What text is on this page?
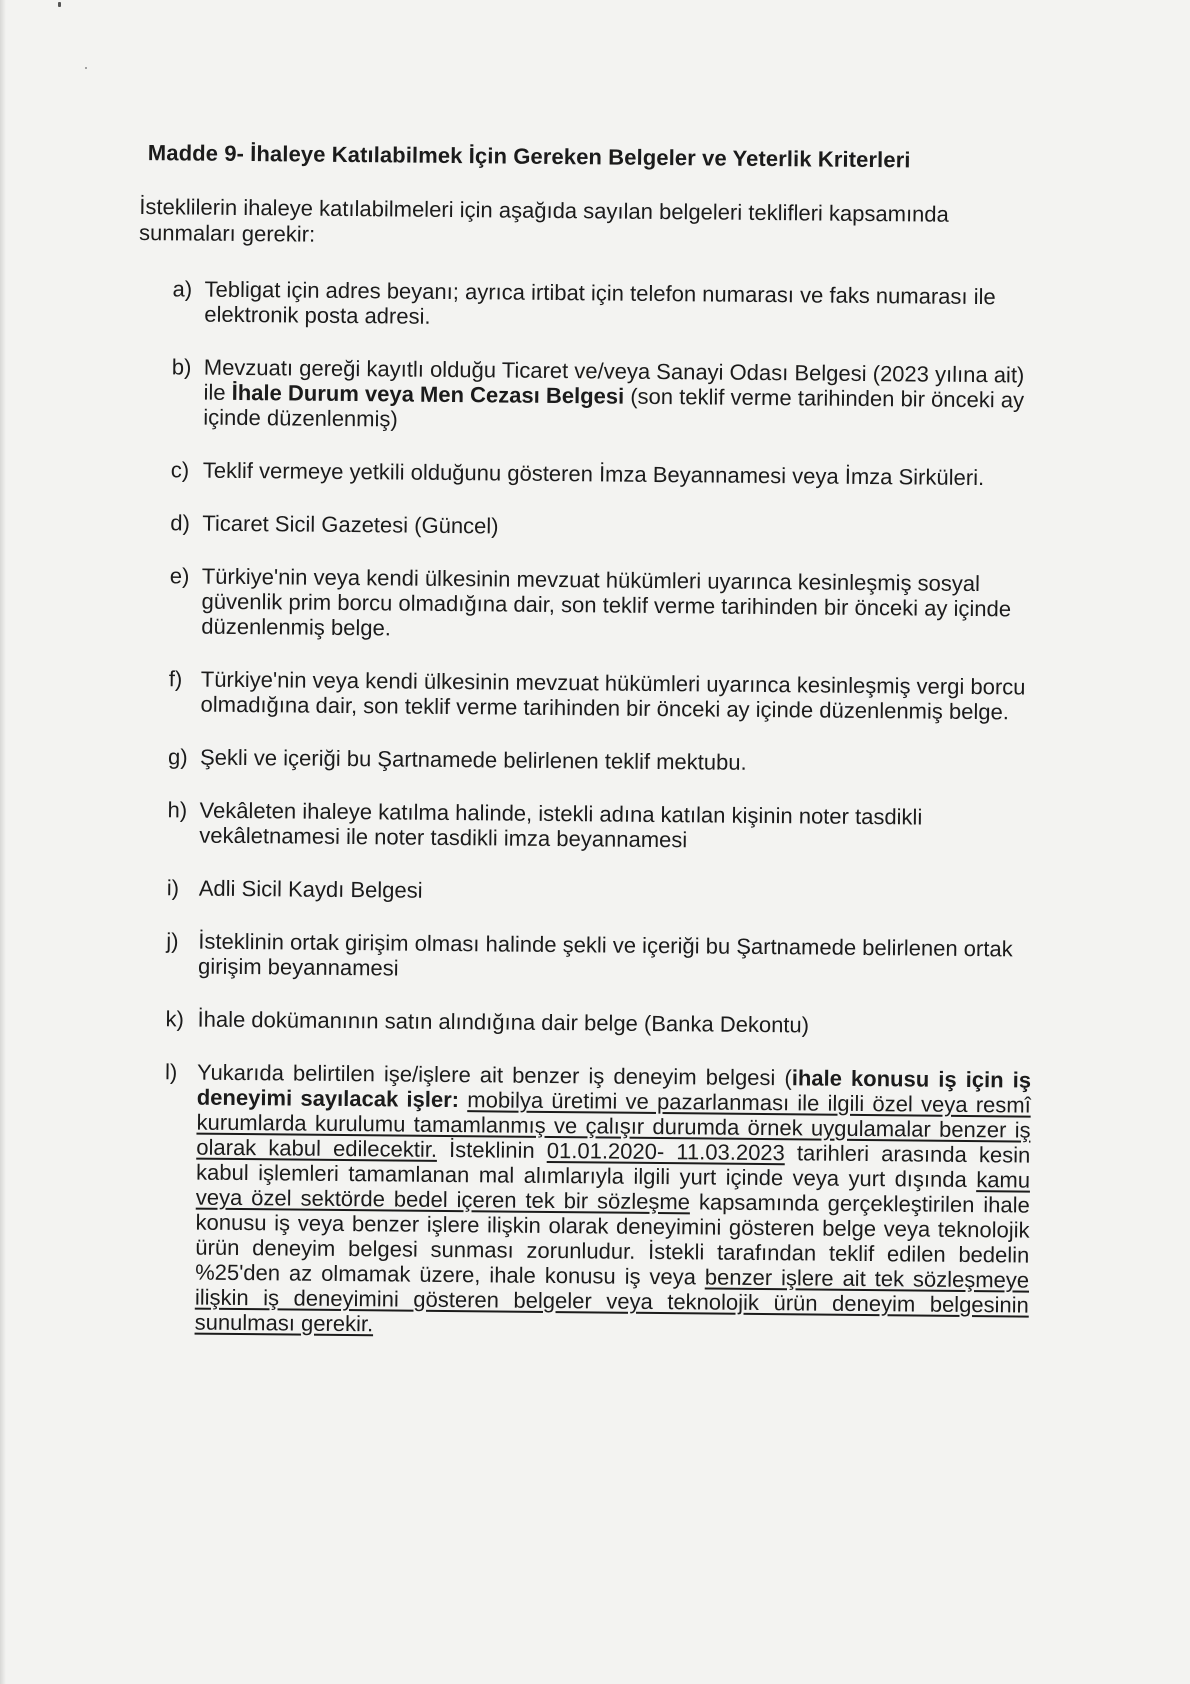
Madde 9- İhaleye Katılabilmek İçin Gereken Belgeler ve Yeterlik Kriterleri
İsteklilerin ihaleye katılabilmeleri için aşağıda sayılan belgeleri teklifleri kapsamında sunmaları gerekir:
a) Tebligat için adres beyanı; ayrıca irtibat için telefon numarası ve faks numarası ile elektronik posta adresi.
b) Mevzuatı gereği kayıtlı olduğu Ticaret ve/veya Sanayi Odası Belgesi (2023 yılına ait) ile İhale Durum veya Men Cezası Belgesi (son teklif verme tarihinden bir önceki ay içinde düzenlenmiş)
c) Teklif vermeye yetkili olduğunu gösteren İmza Beyannamesi veya İmza Sirküleri.
d) Ticaret Sicil Gazetesi (Güncel)
e) Türkiye'nin veya kendi ülkesinin mevzuat hükümleri uyarınca kesinleşmiş sosyal güvenlik prim borcu olmadığına dair, son teklif verme tarihinden bir önceki ay içinde düzenlenmiş belge.
f) Türkiye'nin veya kendi ülkesinin mevzuat hükümleri uyarınca kesinleşmiş vergi borcu olmadığına dair, son teklif verme tarihinden bir önceki ay içinde düzenlenmiş belge.
g) Şekli ve içeriği bu Şartnamede belirlenen teklif mektubu.
h) Vekâleten ihaleye katılma halinde, istekli adına katılan kişinin noter tasdikli vekâletnamesi ile noter tasdikli imza beyannamesi
i) Adli Sicil Kaydı Belgesi
j) İsteklinin ortak girişim olması halinde şekli ve içeriği bu Şartnamede belirlenen ortak girişim beyannamesi
k) İhale dokümanının satın alındığına dair belge (Banka Dekontu)
l) Yukarıda belirtilen işe/işlere ait benzer iş deneyim belgesi (ihale konusu iş için iş deneyimi sayılacak işler: mobilya üretimi ve pazarlanması ile ilgili özel veya resmî kurumlarda kurulumu tamamlanmış ve çalışır durumda örnek uygulamalar benzer iş olarak kabul edilecektir. İsteklinin 01.01.2020- 11.03.2023 tarihleri arasında kesin kabul işlemleri tamamlanan mal alımlarıyla ilgili yurt içinde veya yurt dışında kamu veya özel sektörde bedel içeren tek bir sözleşme kapsamında gerçekleştirilen ihale konusu iş veya benzer işlere ilişkin olarak deneyimini gösteren belge veya teknolojik ürün deneyim belgesi sunması zorunludur. İstekli tarafından teklif edilen bedelin %25'den az olmamak üzere, ihale konusu iş veya benzer işlere ait tek sözleşmeye ilişkin iş deneyimini gösteren belgeler veya teknolojik ürün deneyim belgesinin sunulması gerekir.
